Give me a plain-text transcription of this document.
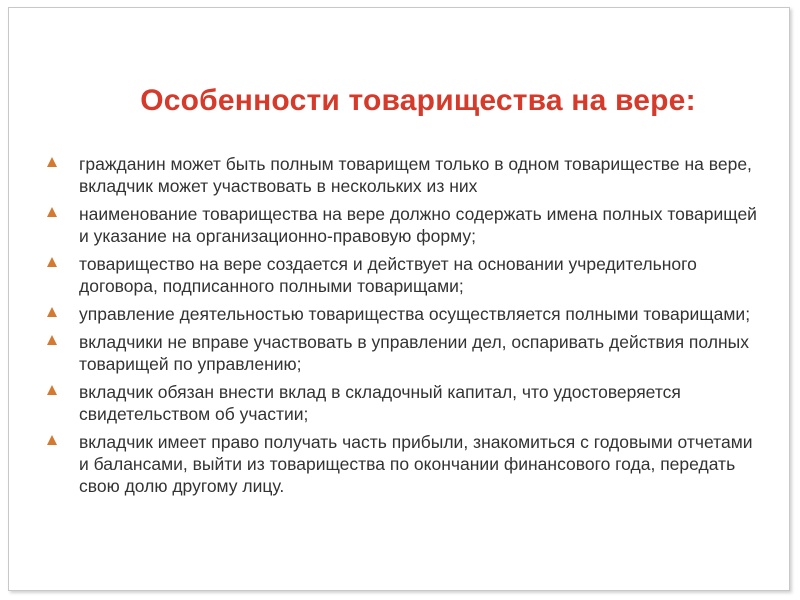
Особенности товарищества на вере:
гражданин может быть полным товарищем только в одном товариществе на вере, вкладчик может участвовать в нескольких из них
наименование товарищества на вере должно содержать имена полных товарищей и указание на организационно-правовую форму;
товарищество на вере создается и действует на основании учредительного договора, подписанного полными товарищами;
управление деятельностью товарищества осуществляется полными товарищами;
вкладчики не вправе участвовать в управлении дел, оспаривать действия полных товарищей по управлению;
вкладчик обязан внести вклад в складочный капитал, что удостоверяется свидетельством об участии;
вкладчик имеет право получать часть прибыли, знакомиться с годовыми отчетами и балансами, выйти из товарищества по окончании финансового года, передать свою долю другому лицу.
